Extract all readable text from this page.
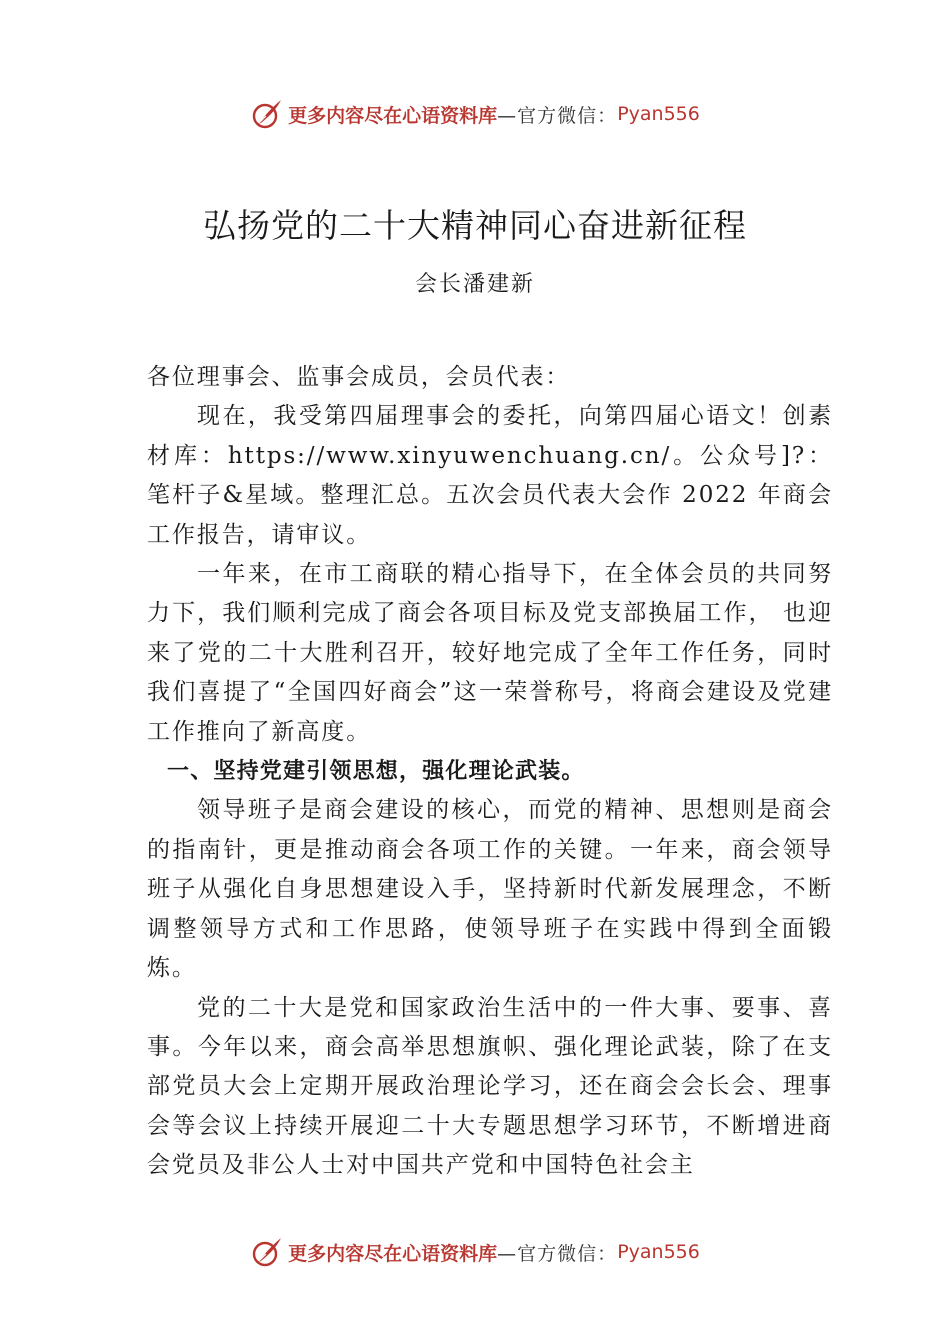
更多内容尽在心语资料库 —官方微信： Pyan556
弘扬党的二十大精神同心奋进新征程
会长潘建新

各位理事会、监事会成员，会员代表：

现在，我受第四届理事会的委托，向第四届心语文！创素材库：https://www.xinyuwenchuang.cn/。公众号]?：笔杆子&星域。整理汇总。五次会员代表大会作 2022 年商会工作报告，请审议。

一年来，在市工商联的精心指导下，在全体会员的共同努力下，我们顺利完成了商会各项目标及党支部换届工作， 也迎来了党的二十大胜利召开，较好地完成了全年工作任务，同时我们喜提了“全国四好商会”这一荣誉称号，将商会建设及党建工作推向了新高度。

一、坚持党建引领思想，强化理论武装。

领导班子是商会建设的核心，而党的精神、思想则是商会的指南针，更是推动商会各项工作的关键。一年来，商会领导班子从强化自身思想建设入手，坚持新时代新发展理念，不断调整领导方式和工作思路，使领导班子在实践中得到全面锻炼。

党的二十大是党和国家政治生活中的一件大事、要事、喜事。今年以来，商会高举思想旗帜、强化理论武装，除了在支部党员大会上定期开展政治理论学习，还在商会会长会、理事会等会议上持续开展迎二十大专题思想学习环节，不断增进商会党员及非公人士对中国共产党和中国特色社会主

更多内容尽在心语资料库 —官方微信： Pyan556
